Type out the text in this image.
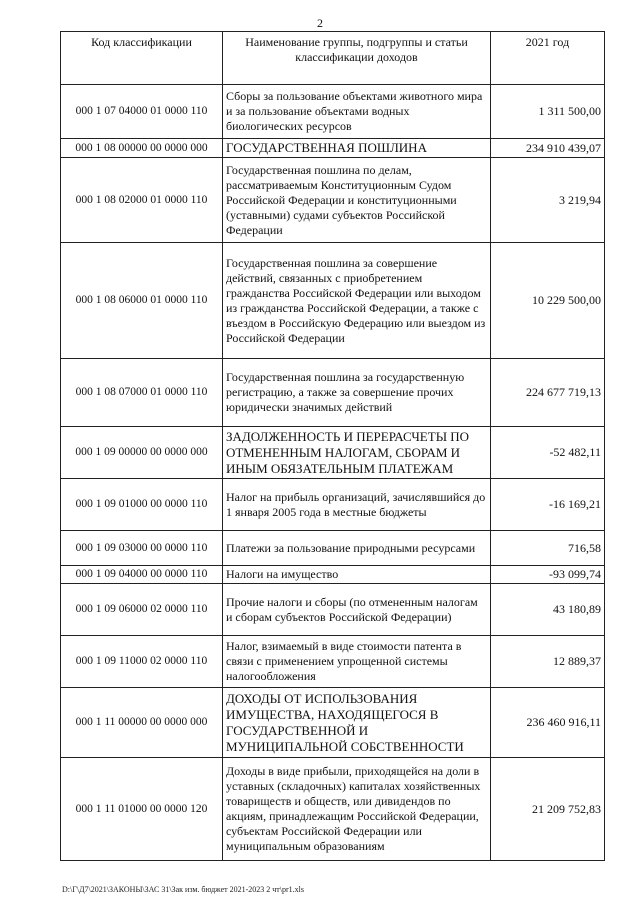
2
Код классификации	Наименование группы, подгруппы и статьи классификации доходов	2021 год
000 1 07 04000 01 0000 110	Сборы за пользование объектами животного мира и за пользование объектами водных биологических ресурсов	1 311 500,00
000 1 08 00000 00 0000 000	ГОСУДАРСТВЕННАЯ ПОШЛИНА	234 910 439,07
000 1 08 02000 01 0000 110	Государственная пошлина по делам, рассматриваемым Конституционным Судом Российской Федерации и конституционными (уставными) судами субъектов Российской Федерации	3 219,94
000 1 08 06000 01 0000 110	Государственная пошлина за совершение действий, связанных с приобретением гражданства Российской Федерации или выходом из гражданства Российской Федерации, а также с въездом в Российскую Федерацию или выездом из Российской Федерации	10 229 500,00
000 1 08 07000 01 0000 110	Государственная пошлина за государственную регистрацию, а также за совершение прочих юридически значимых действий	224 677 719,13
000 1 09 00000 00 0000 000	ЗАДОЛЖЕННОСТЬ И ПЕРЕРАСЧЕТЫ ПО ОТМЕНЕННЫМ НАЛОГАМ, СБОРАМ И ИНЫМ ОБЯЗАТЕЛЬНЫМ ПЛАТЕЖАМ	-52 482,11
000 1 09 01000 00 0000 110	Налог на прибыль организаций, зачислявшийся до 1 января 2005 года в местные бюджеты	-16 169,21
000 1 09 03000 00 0000 110	Платежи за пользование природными ресурсами	716,58
000 1 09 04000 00 0000 110	Налоги на имущество	-93 099,74
000 1 09 06000 02 0000 110	Прочие налоги и сборы (по отмененным налогам и сборам субъектов Российской Федерации)	43 180,89
000 1 09 11000 02 0000 110	Налог, взимаемый в виде стоимости патента в связи с применением упрощенной системы налогообложения	12 889,37
000 1 11 00000 00 0000 000	ДОХОДЫ ОТ ИСПОЛЬЗОВАНИЯ ИМУЩЕСТВА, НАХОДЯЩЕГОСЯ В ГОСУДАРСТВЕННОЙ И МУНИЦИПАЛЬНОЙ СОБСТВЕННОСТИ	236 460 916,11
000 1 11 01000 00 0000 120	Доходы в виде прибыли, приходящейся на доли в уставных (складочных) капиталах хозяйственных товариществ и обществ, или дивидендов по акциям, принадлежащим Российской Федерации, субъектам Российской Федерации или муниципальным образованиям	21 209 752,83
D:\Г\Д7\2021\ЗАКОНЫ\ЗАС 31\Зак изм. бюджет 2021-2023 2 чт\pr1.xls
